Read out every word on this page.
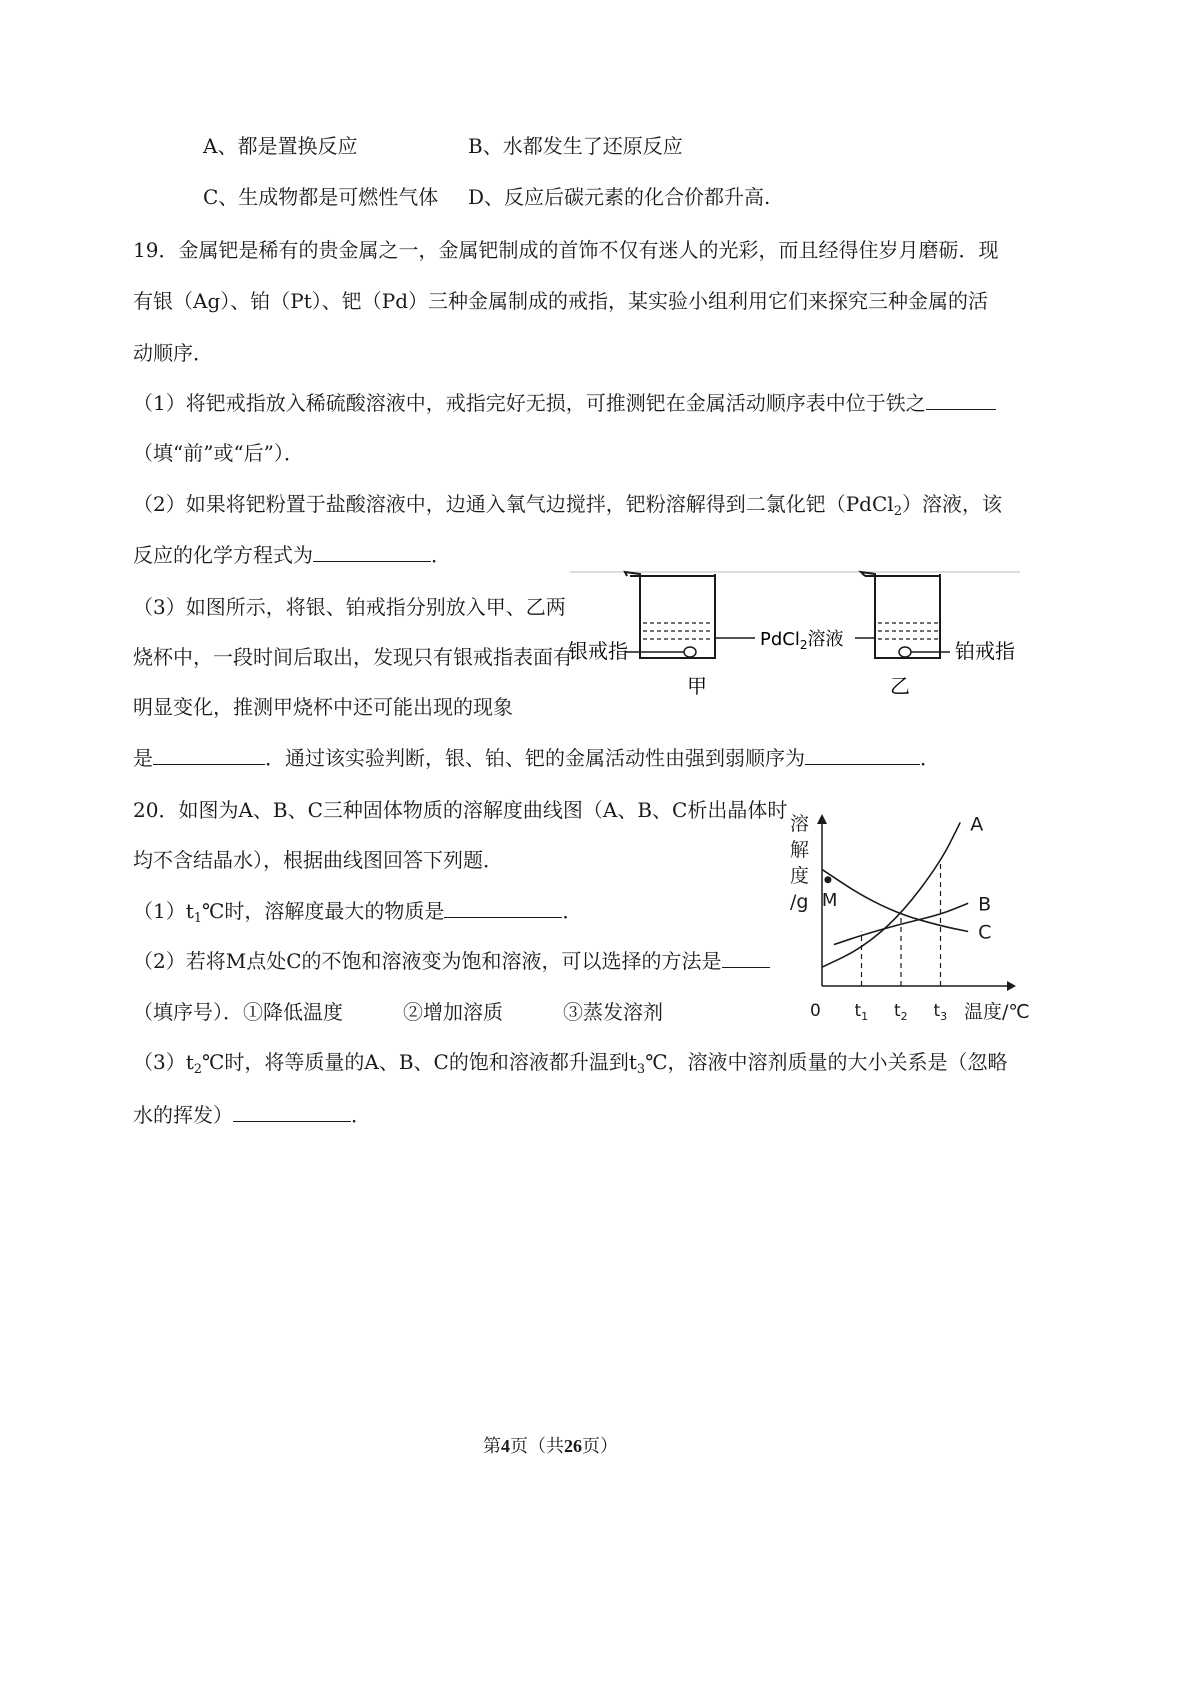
A、都是置换反应	B、水都发生了还原反应
C、生成物都是可燃性气体 D、反应后碳元素的化合价都升高.
19．金属钯是稀有的贵金属之一，金属钯制成的首饰不仅有迷人的光彩，而且经得住岁月磨砺．现
有银（Ag）、铂（Pt）、钯（Pd）三种金属制成的戒指，某实验小组利用它们来探究三种金属的活
动顺序．
（1）将钯戒指放入稀硫酸溶液中，戒指完好无损，可推测钯在金属活动顺序表中位于铁之
（填“前”或“后”）．
（2）如果将钯粉置于盐酸溶液中，边通入氧气边搅拌，钯粉溶解得到二氯化钯（PdCl$_2$）溶液，该
反应的化学方程式为	．
（3）如图所示，将银、铂戒指分别放入甲、乙两
烧杯中，一段时间后取出，发现只有银戒指表面有
明显变化，推测甲烧杯中还可能出现的现象
是	．通过该实验判断，银、铂、钯的金属活动性由强到弱顺序为	．
银戒指	PdCl$_2$溶液	铂戒指
甲	乙
20．如图为A、B、C三种固体物质的溶解度曲线图（A、B、C析出晶体时
均不含结晶水），根据曲线图回答下列题．
$(1)t_1℃$时，溶解度最大的物质是	．
（2）若将M点处C的不饱和溶液变为饱和溶液，可以选择的方法是
（填序号）．①降低温度　　　②增加溶质　　　③蒸发溶剂
$(3)t_2℃$时，将等质量的A、B、C的饱和溶液都升温到$t_3℃$，溶液中溶剂质量的大小关系是（忽略
水的挥发）	．
溶
解
度
/g
温度/℃
0 $t_1$ $t_2$ $t_3$
A
B
C
M
第4页（共26页）
